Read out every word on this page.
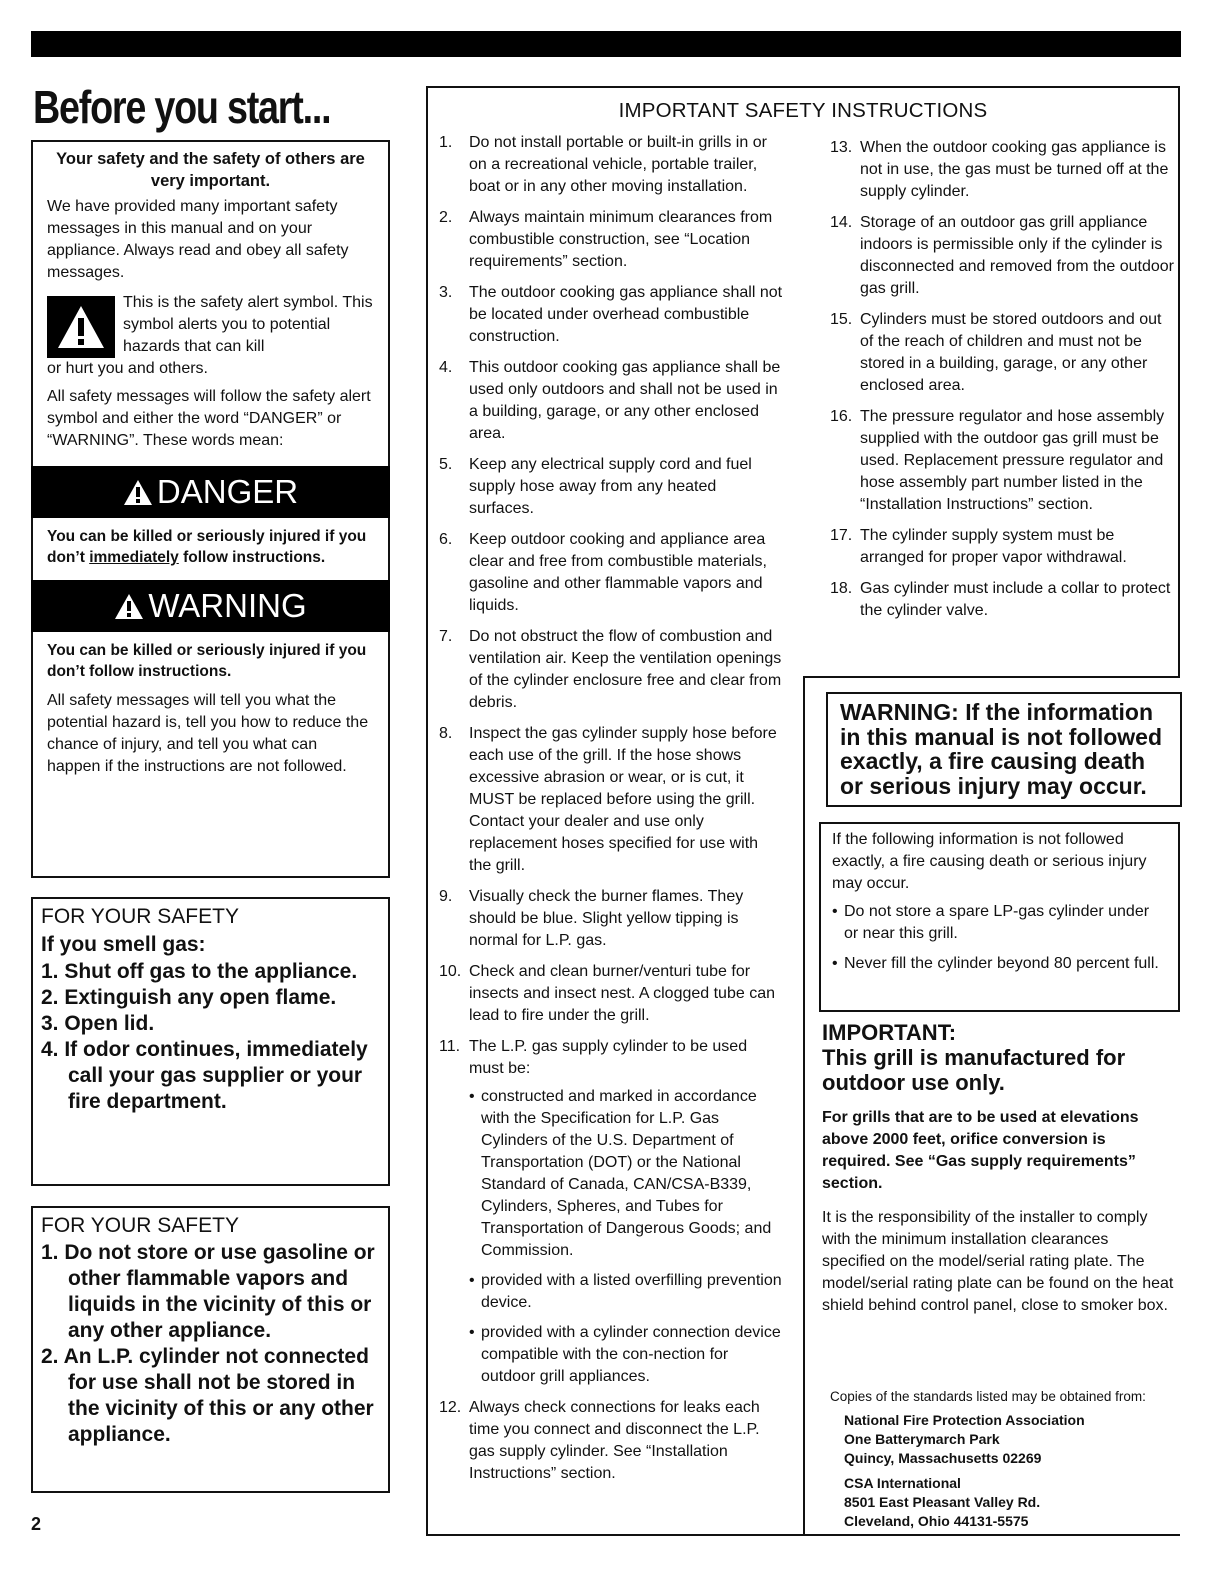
Before you start...
Your safety and the safety of others are very important.

We have provided many important safety messages in this manual and on your appliance. Always read and obey all safety messages.

This is the safety alert symbol. This symbol alerts you to potential hazards that can kill

or hurt you and others.

All safety messages will follow the safety alert symbol and either the word “DANGER” or “WARNING”. These words mean:

DANGER
You can be killed or seriously injured if you don’t immediately follow instructions.
WARNING
You can be killed or seriously injured if you don’t follow instructions.

All safety messages will tell you what the potential hazard is, tell you how to reduce the chance of injury, and tell you what can happen if the instructions are not followed.

FOR YOUR SAFETY
If you smell gas:
1. Shut off gas to the appliance.
2. Extinguish any open flame.
3. Open lid.
4. If odor continues, immediately call your gas supplier or your fire department.
FOR YOUR SAFETY
1. Do not store or use gasoline or other flammable vapors and liquids in the vicinity of this or any other appliance.
2. An L.P. cylinder not connected for use shall not be stored in the vicinity of this or any other appliance.
2
IMPORTANT SAFETY INSTRUCTIONS
1. Do not install portable or built-in grills in or on a recreational vehicle, portable trailer, boat or in any other moving installation.
2. Always maintain minimum clearances from combustible construction, see “Location requirements” section.
3. The outdoor cooking gas appliance shall not be located under overhead combustible construction.
4. This outdoor cooking gas appliance shall be used only outdoors and shall not be used in a building, garage, or any other enclosed area.
5. Keep any electrical supply cord and fuel supply hose away from any heated surfaces.
6. Keep outdoor cooking and appliance area clear and free from combustible materials, gasoline and other flammable vapors and liquids.
7. Do not obstruct the flow of combustion and ventilation air. Keep the ventilation openings of the cylinder enclosure free and clear from debris.
8. Inspect the gas cylinder supply hose before each use of the grill. If the hose shows excessive abrasion or wear, or is cut, it MUST be replaced before using the grill. Contact your dealer and use only replacement hoses specified for use with the grill.
9. Visually check the burner flames. They should be blue. Slight yellow tipping is normal for L.P. gas.
10. Check and clean burner/venturi tube for insects and insect nest. A clogged tube can lead to fire under the grill.
11. The L.P. gas supply cylinder to be used must be:
• constructed and marked in accordance with the Specification for L.P. Gas Cylinders of the U.S. Department of Transportation (DOT) or the National Standard of Canada, CAN/CSA-B339, Cylinders, Spheres, and Tubes for Transportation of Dangerous Goods; and Commission.
• provided with a listed overfilling prevention device.
• provided with a cylinder connection device compatible with the con-nection for outdoor grill appliances.
12. Always check connections for leaks each time you connect and disconnect the L.P. gas supply cylinder. See “Installation Instructions” section.
13. When the outdoor cooking gas appliance is not in use, the gas must be turned off at the supply cylinder.
14. Storage of an outdoor gas grill appliance indoors is permissible only if the cylinder is disconnected and removed from the outdoor gas grill.
15. Cylinders must be stored outdoors and out of the reach of children and must not be stored in a building, garage, or any other enclosed area.
16. The pressure regulator and hose assembly supplied with the outdoor gas grill must be used. Replacement pressure regulator and hose assembly part number listed in the “Installation Instructions” section.
17. The cylinder supply system must be arranged for proper vapor withdrawal.
18. Gas cylinder must include a collar to protect the cylinder valve.

WARNING: If the information in this manual is not followed exactly, a fire causing death or serious injury may occur.

If the following information is not followed exactly, a fire causing death or serious injury may occur.

• Do not store a spare LP-gas cylinder under or near this grill.
• Never fill the cylinder beyond 80 percent full.
IMPORTANT:
This grill is manufactured for outdoor use only.

For grills that are to be used at elevations above 2000 feet, orifice conversion is required. See “Gas supply requirements” section.

It is the responsibility of the installer to comply with the minimum installation clearances specified on the model/serial rating plate. The model/serial rating plate can be found on the heat shield behind control panel, close to smoker box.

Copies of the standards listed may be obtained from:

National Fire Protection Association
One Batterymarch Park
Quincy, Massachusetts 02269
CSA International
8501 East Pleasant Valley Rd.
Cleveland, Ohio 44131-5575
